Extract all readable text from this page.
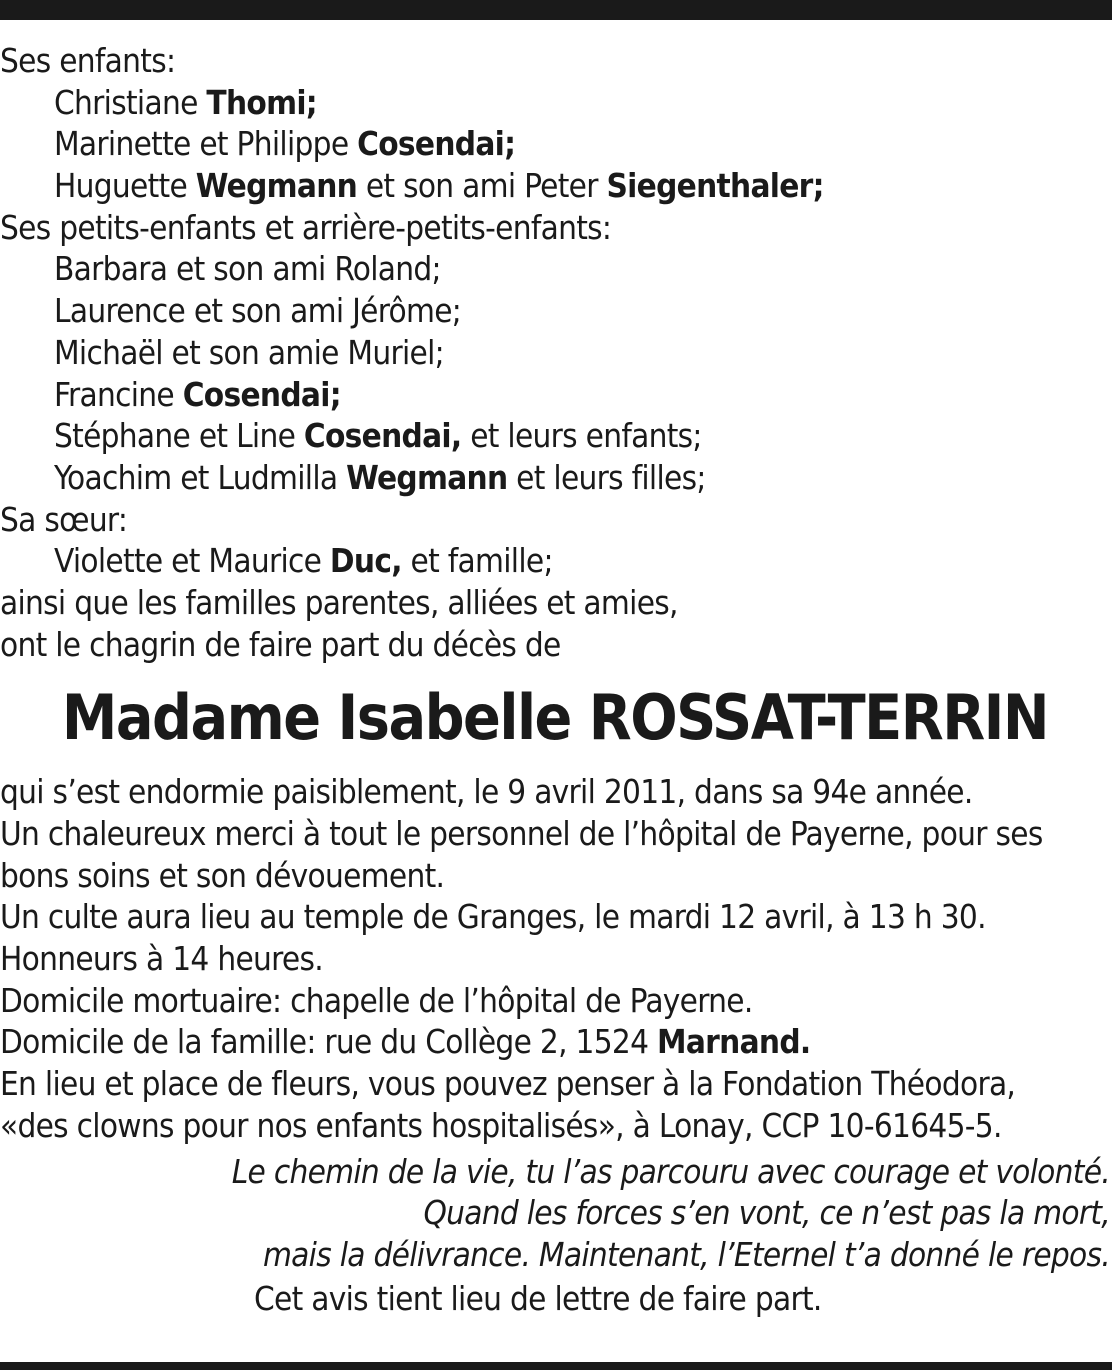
Ses enfants:
Christiane Thomi;
Marinette et Philippe Cosendai;
Huguette Wegmann et son ami Peter Siegenthaler;
Ses petits-enfants et arrière-petits-enfants:
Barbara et son ami Roland;
Laurence et son ami Jérôme;
Michaël et son amie Muriel;
Francine Cosendai;
Stéphane et Line Cosendai, et leurs enfants;
Yoachim et Ludmilla Wegmann et leurs filles;
Sa sœur:
Violette et Maurice Duc, et famille;
ainsi que les familles parentes, alliées et amies,
ont le chagrin de faire part du décès de
Madame Isabelle ROSSAT-TERRIN
qui s’est endormie paisiblement, le 9 avril 2011, dans sa 94e année.
Un chaleureux merci à tout le personnel de l’hôpital de Payerne, pour ses
bons soins et son dévouement.
Un culte aura lieu au temple de Granges, le mardi 12 avril, à 13 h 30.
Honneurs à 14 heures.
Domicile mortuaire: chapelle de l’hôpital de Payerne.
Domicile de la famille: rue du Collège 2, 1524 Marnand.
En lieu et place de fleurs, vous pouvez penser à la Fondation Théodora,
«des clowns pour nos enfants hospitalisés», à Lonay, CCP 10-61645-5.
Le chemin de la vie, tu l’as parcouru avec courage et volonté.
Quand les forces s’en vont, ce n’est pas la mort,
mais la délivrance. Maintenant, l’Eternel t’a donné le repos.
Cet avis tient lieu de lettre de faire part.
